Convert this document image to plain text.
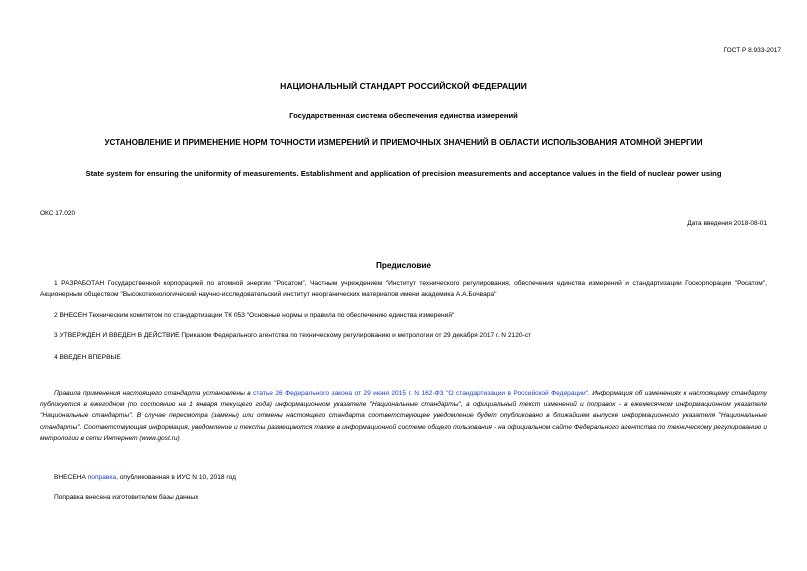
ГОСТ Р 8.933-2017
НАЦИОНАЛЬНЫЙ СТАНДАРТ РОССИЙСКОЙ ФЕДЕРАЦИИ
Государственная система обеспечения единства измерений
УСТАНОВЛЕНИЕ И ПРИМЕНЕНИЕ НОРМ ТОЧНОСТИ ИЗМЕРЕНИЙ И ПРИЕМОЧНЫХ ЗНАЧЕНИЙ В ОБЛАСТИ ИСПОЛЬЗОВАНИЯ АТОМНОЙ ЭНЕРГИИ
State system for ensuring the uniformity of measurements. Establishment and application of precision measurements and acceptance values in the field of nuclear power using
ОКС 17.020
Дата введения 2018-08-01
Предисловие
1 РАЗРАБОТАН Государственной корпорацией по атомной энергии "Росатом", Частным учреждением "Институт технического регулирования, обеспечения единства измерений и стандартизации Госкорпорации "Росатом", Акционерным обществом "Высокотехнологический научно-исследовательский институт неорганических материалов имени академика А.А.Бочвара"
2 ВНЕСЕН Техническим комитетом по стандартизации ТК 053 "Основные нормы и правила по обеспечению единства измерений"
3 УТВЕРЖДЕН И ВВЕДЕН В ДЕЙСТВИЕ Приказом Федерального агентства по техническому регулированию и метрологии от 29 декабря 2017 г. N 2120-ст
4 ВВЕДЕН ВПЕРВЫЕ
Правила применения настоящего стандарта установлены в статье 26 Федерального закона от 29 июня 2015 г. N 162-ФЗ "О стандартизации в Российской Федерации". Информация об изменениях к настоящему стандарту публикуется в ежегодном (по состоянию на 1 января текущего года) информационном указателе "Национальные стандарты", а официальный текст изменений и поправок - в ежемесячном информационном указателе "Национальные стандарты". В случае пересмотра (замены) или отмены настоящего стандарта соответствующее уведомление будет опубликовано в ближайшем выпуске информационного указателя "Национальные стандарты". Соответствующая информация, уведомление и тексты размещаются также в информационной системе общего пользования - на официальном сайте Федерального агентства по техническому регулированию и метрологии в сети Интернет (www.gost.ru)
ВНЕСЕНА поправка, опубликованная в ИУС N 10, 2018 год
Поправка внесена изготовителем базы данных
